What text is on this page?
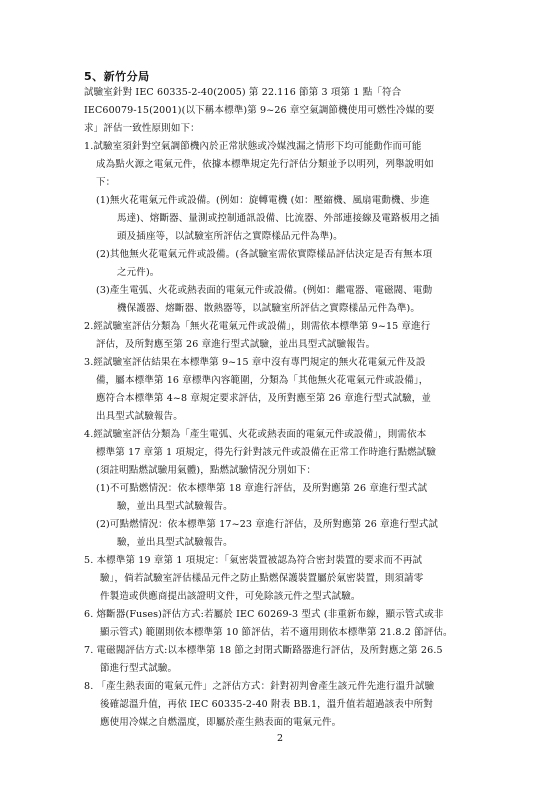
5、新竹分局
試驗室針對 IEC 60335-2-40(2005) 第 22.116 節第 3 項第 1 點「符合
IEC60079-15(2001)(以下稱本標準)第 9~26 章空氣調節機使用可燃性冷媒的要
求」評估一致性原則如下：
1.試驗室須針對空氣調節機內於正常狀態或冷媒洩漏之情形下均可能動作而可能
成為點火源之電氣元件，依據本標準規定先行評估分類並予以明列，列舉說明如
下：
(1)無火花電氣元件或設備。(例如：旋轉電機 (如：壓縮機、風扇電動機、步進
馬達)、熔斷器、量測或控制通訊設備、比流器、外部連接線及電路板用之插
頭及插座等，以試驗室所評估之實際樣品元件為準)。
(2)其他無火花電氣元件或設備。(各試驗室需依實際樣品評估決定是否有無本項
之元件)。
(3)產生電弧、火花或熱表面的電氣元件或設備。(例如：繼電器、電磁閥、電動
機保護器、熔斷器、散熱器等，以試驗室所評估之實際樣品元件為準)。
2.經試驗室評估分類為「無火花電氣元件或設備」，則需依本標準第 9~15 章進行
評估，及所對應至第 26 章進行型式試驗，並出具型式試驗報告。
3.經試驗室評估結果在本標準第 9~15 章中沒有專門規定的無火花電氣元件及設
備，屬本標準第 16 章標準內容範圍，分類為「其他無火花電氣元件或設備」，
應符合本標準第 4~8 章規定要求評估，及所對應至第 26 章進行型式試驗，並
出具型式試驗報告。
4.經試驗室評估分類為「產生電弧、火花或熱表面的電氣元件或設備」，則需依本
標準第 17 章第 1 項規定，得先行針對該元件或設備在正常工作時進行點燃試驗
(須註明點燃試驗用氣體)，點燃試驗情況分別如下：
(1)不可點燃情況：依本標準第 18 章進行評估，及所對應第 26 章進行型式試
驗，並出具型式試驗報告。
(2)可點燃情況：依本標準第 17~23 章進行評估，及所對應第 26 章進行型式試
驗，並出具型式試驗報告。
5. 本標準第 19 章第 1 項規定：「氣密裝置被認為符合密封裝置的要求而不再試
驗」，倘若試驗室評估樣品元件之防止點燃保護裝置屬於氣密裝置，則須請零
件製造或供應商提出該證明文件，可免除該元件之型式試驗。
6. 熔斷器(Fuses)評估方式:若屬於 IEC 60269-3 型式 (非重新布線，顯示管式或非
顯示管式) 範圍則依本標準第 10 節評估，若不適用則依本標準第 21.8.2 節評估。
7. 電磁閥評估方式:以本標準第 18 節之封閉式斷路器進行評估，及所對應之第 26.5
節進行型式試驗。
8. 「產生熱表面的電氣元件」之評估方式：針對初判會產生該元件先進行溫升試驗
後確認溫升值，再依 IEC 60335-2-40 附表 BB.1，溫升值若超過該表中所對
應使用冷媒之自燃溫度，即屬於產生熱表面的電氣元件。
2
